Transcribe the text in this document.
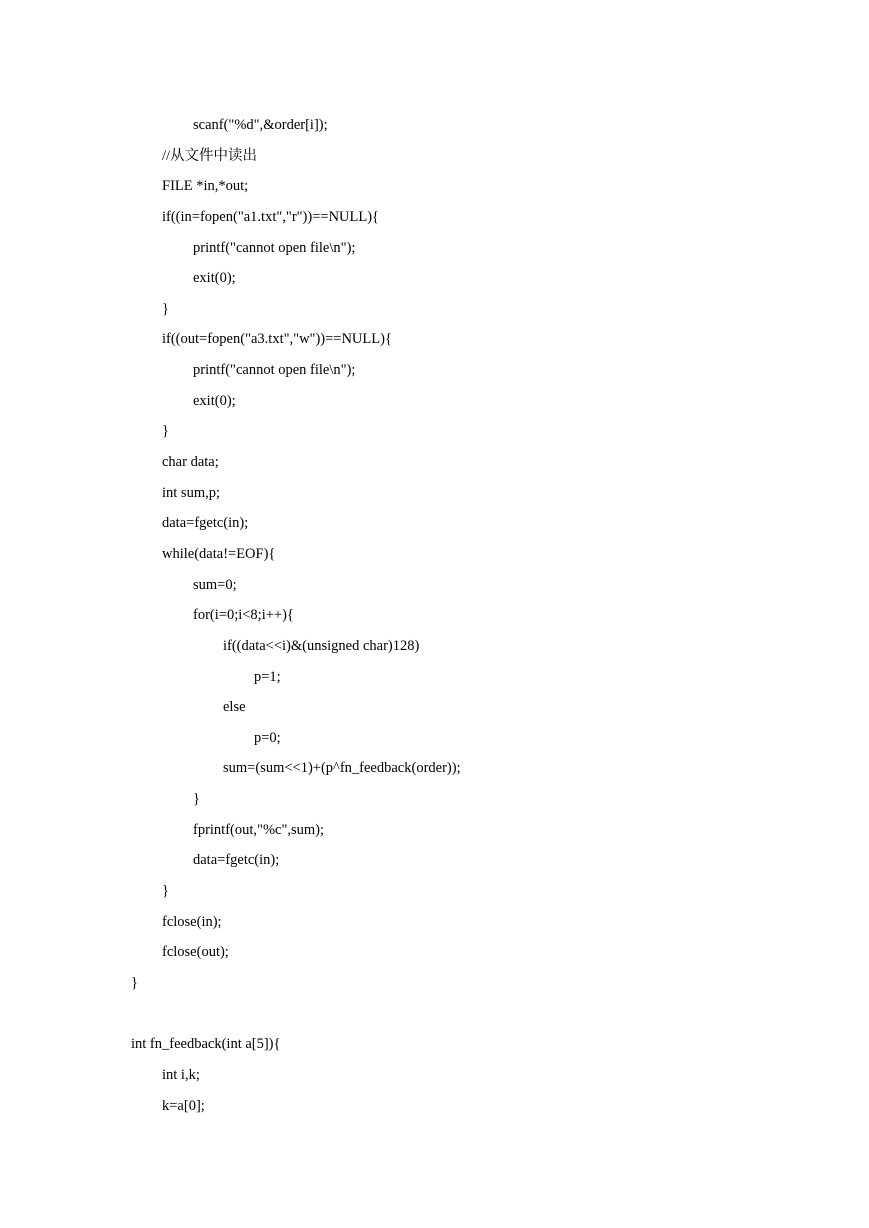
scanf("%d",&order[i]);
//从文件中读出
FILE *in,*out;
if((in=fopen("a1.txt","r"))==NULL){
printf("cannot open file\n");
exit(0);
}
if((out=fopen("a3.txt","w"))==NULL){
printf("cannot open file\n");
exit(0);
}
char data;
int sum,p;
data=fgetc(in);
while(data!=EOF){
sum=0;
for(i=0;i<8;i++){
if((data<<i)&(unsigned char)128)
p=1;
else
p=0;
sum=(sum<<1)+(p^fn_feedback(order));
}
fprintf(out,"%c",sum);
data=fgetc(in);
}
fclose(in);
fclose(out);
}
int fn_feedback(int a[5]){
int i,k;
k=a[0];
